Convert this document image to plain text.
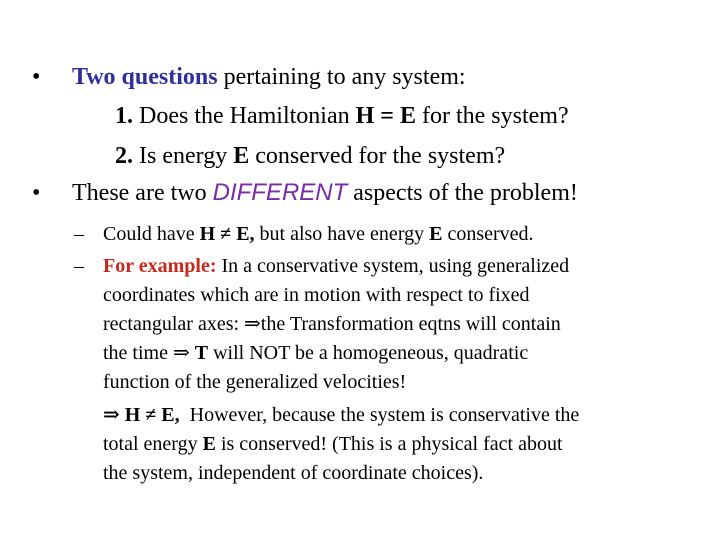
• Two questions pertaining to any system:
1. Does the Hamiltonian H = E for the system?
2. Is energy E conserved for the system?
• These are two DIFFERENT aspects of the problem!
– Could have H ≠ E, but also have energy E conserved.
– For example: In a conservative system, using generalized
coordinates which are in motion with respect to fixed
rectangular axes: ⇒the Transformation eqtns will contain
the time ⇒ T will NOT be a homogeneous, quadratic
function of the generalized velocities!
⇒ H ≠ E,  However, because the system is conservative the
total energy E is conserved! (This is a physical fact about
the system, independent of coordinate choices).
